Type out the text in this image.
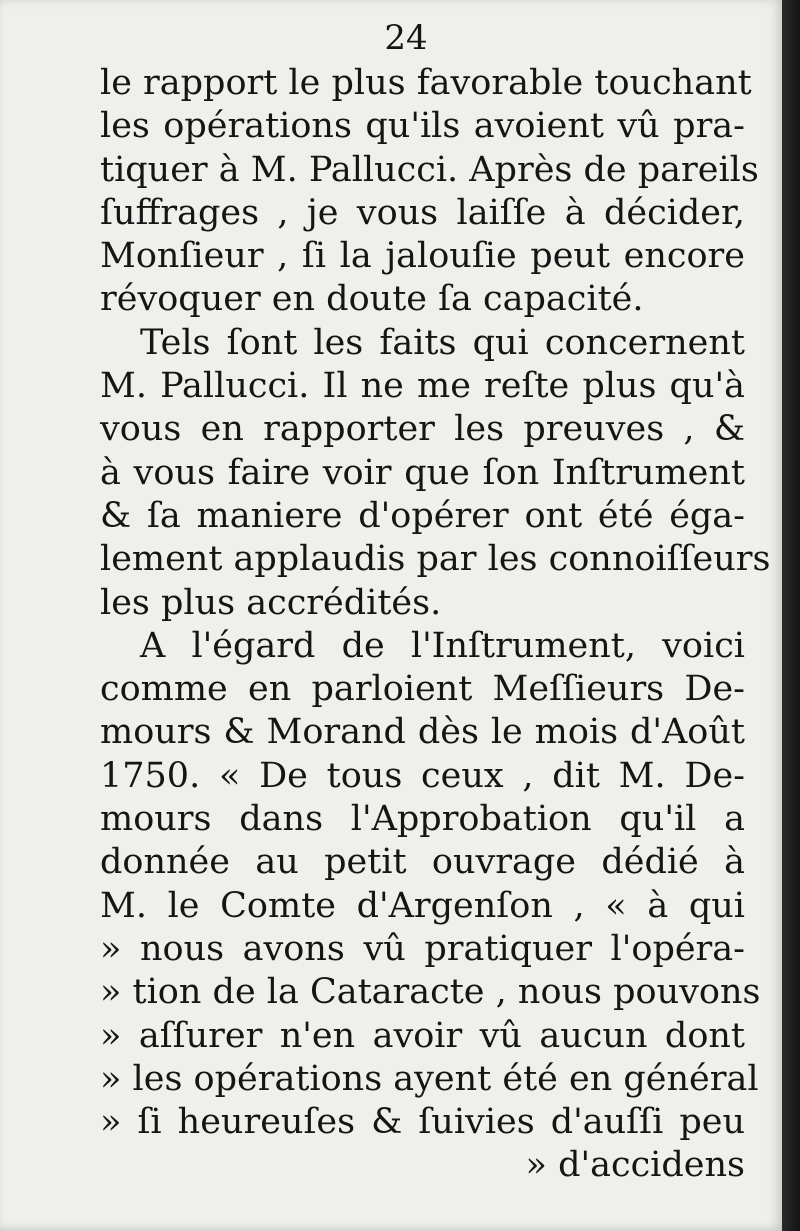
24
le rapport le plus favorable touchant
les opérations qu'ils avoient vû pra-
tiquer à M. Pallucci. Après de pareils
ſuffrages , je vous laiſſe à décider,
Monſieur , ſi la jalouſie peut encore
révoquer en doute ſa capacité.
Tels ſont les faits qui concernent
M. Pallucci. Il ne me reſte plus qu'à
vous en rapporter les preuves , &
à vous faire voir que ſon Inſtrument
& ſa maniere d'opérer ont été éga-
lement applaudis par les connoiſſeurs
les plus accrédités.
A l'égard de l'Inſtrument, voici
comme en parloient Meſſieurs De-
mours & Morand dès le mois d'Août
1750. « De tous ceux , dit M. De-
mours dans l'Approbation qu'il a
donnée au petit ouvrage dédié à
M. le Comte d'Argenſon , « à qui
» nous avons vû pratiquer l'opéra-
» tion de la Cataracte , nous pouvons
» aſſurer n'en avoir vû aucun dont
» les opérations ayent été en général
» ſi heureuſes & ſuivies d'auſſi peu
» d'accidens
